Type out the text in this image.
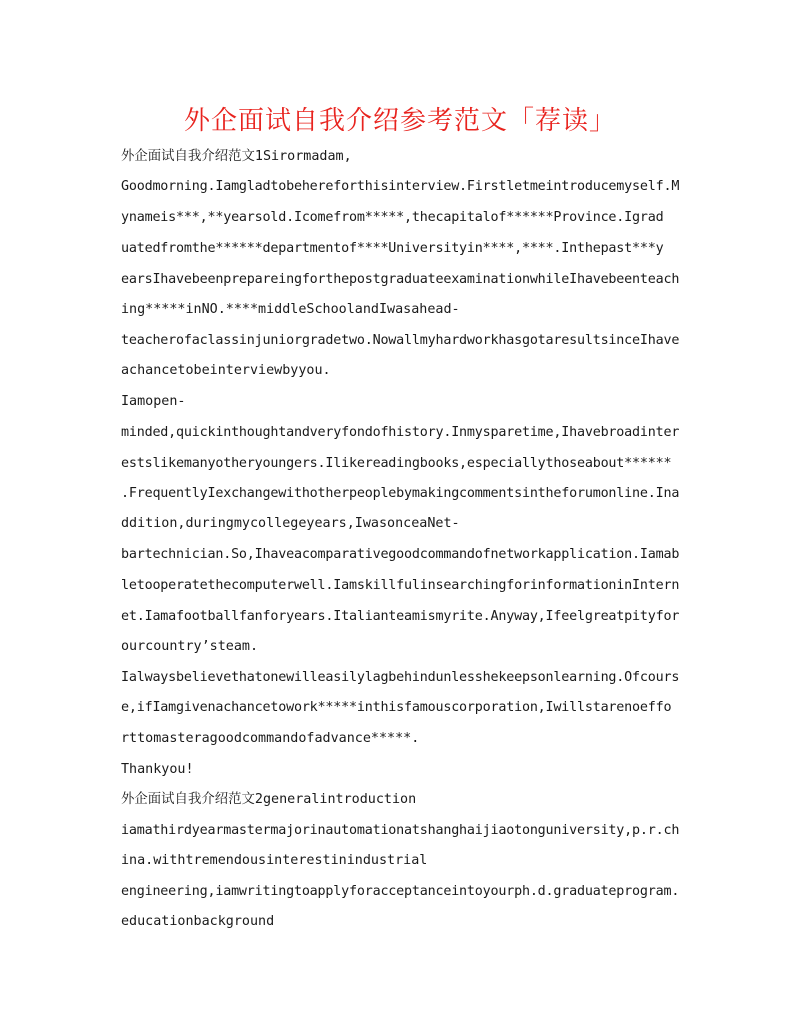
外企面试自我介绍参考范文「荐读」
外企面试自我介绍范文1Sirormadam,
Goodmorning.Iamgladtobehereforthisinterview.Firstletmeintroducemyself.M
ynameis***,**yearsold.Icomefrom*****,thecapitalof******Province.Igrad
uatedfromthe******departmentof****Universityin****,****.Inthepast***y
earsIhavebeenprepareingforthepostgraduateexaminationwhileIhavebeenteach
ing*****inNO.****middleSchoolandIwasahead-
teacherofaclassinjuniorgradetwo.NowallmyhardworkhasgotaresultsinceIhave
achancetobeinterviewbyyou.
Iamopen-
minded,quickinthoughtandveryfondofhistory.Inmysparetime,Ihavebroadinter
estslikemanyotheryoungers.Ilikereadingbooks,especiallythoseabout******
.FrequentlyIexchangewithotherpeoplebymakingcommentsintheforumonline.Ina
ddition,duringmycollegeyears,IwasonceaNet-
bartechnician.So,Ihaveacomparativegoodcommandofnetworkapplication.Iamab
letooperatethecomputerwell.IamskillfulinsearchingforinformationinIntern
et.Iamafootballfanforyears.Italianteamismyrite.Anyway,Ifeelgreatpityfor
ourcountry’steam.
Ialwaysbelievethatonewilleasilylagbehindunlesshekeepsonlearning.Ofcours
e,ifIamgivenachancetowork*****inthisfamouscorporation,Iwillstarenoeffo
rttomasteragoodcommandofadvance*****.
Thankyou!
外企面试自我介绍范文2generalintroduction
iamathirdyearmastermajorinautomationatshanghaijiaotonguniversity,p.r.ch
ina.withtremendousinterestinindustrial
engineering,iamwritingtoapplyforacceptanceintoyourph.d.graduateprogram.
educationbackground
